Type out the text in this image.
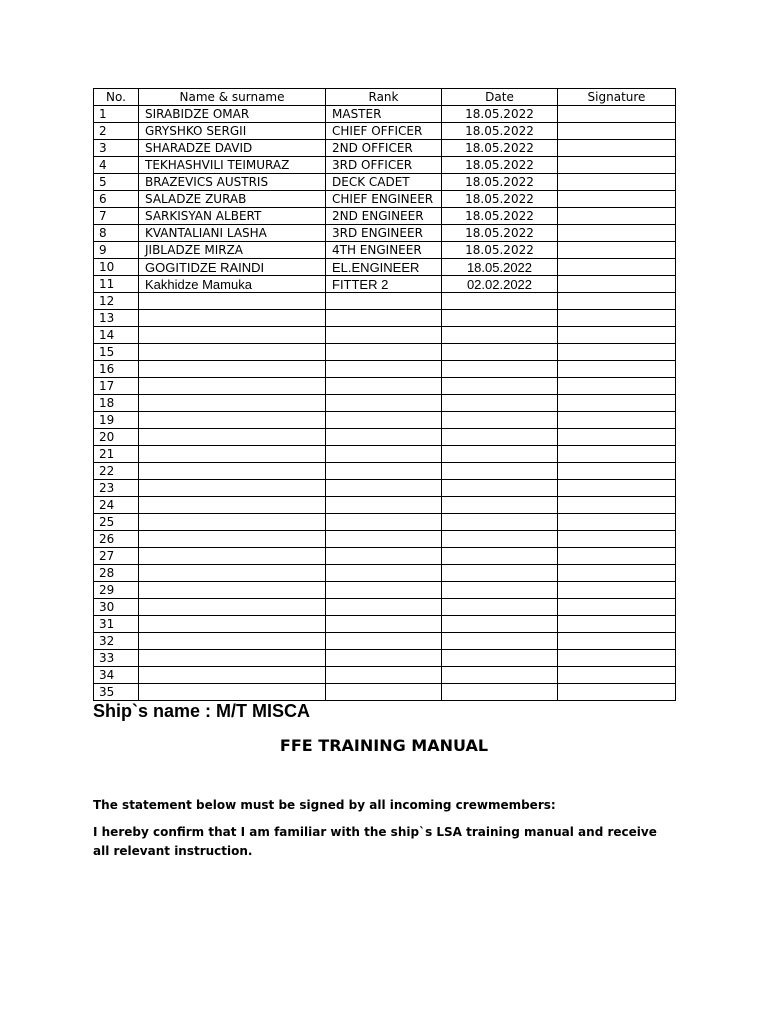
No.	Name & surname	Rank	Date	Signature
1	SIRABIDZE OMAR	MASTER	18.05.2022	
2	GRYSHKO SERGII	CHIEF OFFICER	18.05.2022	
3	SHARADZE DAVID	2ND OFFICER	18.05.2022	
4	TEKHASHVILI TEIMURAZ	3RD OFFICER	18.05.2022	
5	BRAZEVICS AUSTRIS	DECK CADET	18.05.2022	
6	SALADZE ZURAB	CHIEF ENGINEER	18.05.2022	
7	SARKISYAN ALBERT	2ND ENGINEER	18.05.2022	
8	KVANTALIANI LASHA	3RD ENGINEER	18.05.2022	
9	JIBLADZE MIRZA	4TH ENGINEER	18.05.2022	
10	GOGITIDZE RAINDI	EL.ENGINEER	18.05.2022	
11	Kakhidze Mamuka	FITTER 2	02.02.2022	
12				
13				
14				
15				
16				
17				
18				
19				
20				
21				
22				
23				
24				
25				
26				
27				
28				
29				
30				
31				
32				
33				
34				
35				
Ship`s name : M/T MISCA
FFE TRAINING MANUAL

The statement below must be signed by all incoming crewmembers:

I hereby confirm that I am familiar with the ship`s LSA training manual and receive all relevant instruction.
